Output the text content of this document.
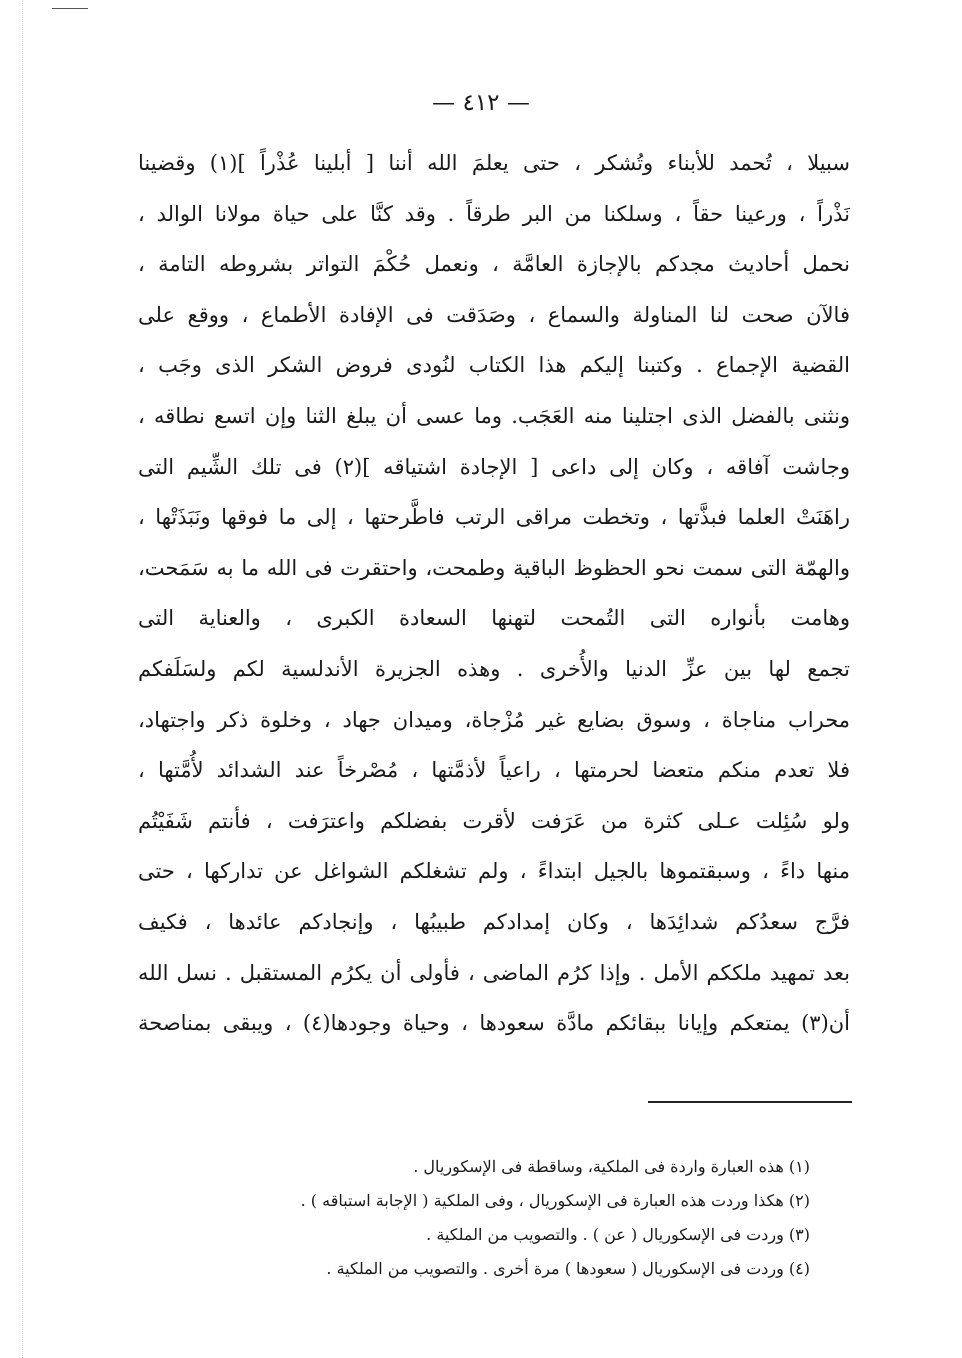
— ٤١٢ —
سبيلا ، تُحمد للأبناء وتُشكر ، حتى يعلمَ الله أننا [ أبلينا عُذْراً ](١) وقضينا
نَذْراً ، ورعينا حقاً ، وسلكنا من البر طرقاً . وقد كنَّا على حياة مولانا الوالد ،
نحمل أحاديث مجدكم بالإجازة العامَّة ، ونعمل حُكْمَ التواتر بشروطه التامة ،
فالآن صحت لنا المناولة والسماع ، وصَدَقت فى الإفادة الأطماع ، ووقع على
القضية الإجماع . وكتبنا إليكم هذا الكتاب لنُودى فروض الشكر الذى وجَب ،
ونثنى بالفضل الذى اجتلينا منه العَجَب. وما عسى أن يبلغ الثنا وإن اتسع نطاقه ،
وجاشت آفاقه ، وكان إلى داعى [ الإجادة اشتياقه ](٢) فى تلك الشِّيم التى
راهَنَتْ العلما فبذَّتها ، وتخطت مراقى الرتب فاطَّرحتها ، إلى ما فوقها ونَبَذَتْها ،
والهمّة التى سمت نحو الحظوظ الباقية وطمحت، واحتقرت فى الله ما به سَمَحت،
وهامت بأنواره التى التُمحت لتهنها السعادة الكبرى ، والعناية التى
تجمع لها بين عزِّ الدنيا والأُخرى . وهذه الجزيرة الأندلسية لكم ولسَلَفكم
محراب مناجاة ، وسوق بضايع غير مُزْجاة، وميدان جهاد ، وخلوة ذكر واجتهاد،
فلا تعدم منكم متعضا لحرمتها ، راعياً لأذمَّتها ، مُصْرخاً عند الشدائد لأُمَّتها ،
ولو سُئِلت عـلى كثرة من عَرَفت لأقرت بفضلكم واعترَفت ، فأنتم شَفَيْتُم
منها داءً ، وسبقتموها بالجيل ابتداءً ، ولم تشغلكم الشواغل عن تداركها ، حتى
فرَّج سعدُكم شدائِدَها ، وكان إمدادكم طبيبُها ، وإنجادكم عائدها ، فكيف
بعد تمهيد ملككم الأمل . وإذا كرُم الماضى ، فأولى أن يكرُم المستقبل . نسل الله
أن(٣) يمتعكم وإيانا ببقائكم مادَّة سعودها ، وحياة وجودها(٤) ، ويبقى بمناصحة
(١) هذه العبارة واردة فى الملكية، وساقطة فى الإسكوريال .
(٢) هكذا وردت هذه العبارة فى الإسكوريال ، وفى الملكية ( الإجابة استباقه ) .
(٣) وردت فى الإسكوريال ( عن ) . والتصويب من الملكية .
(٤) وردت فى الإسكوريال ( سعودها ) مرة أخرى . والتصويب من الملكية .
